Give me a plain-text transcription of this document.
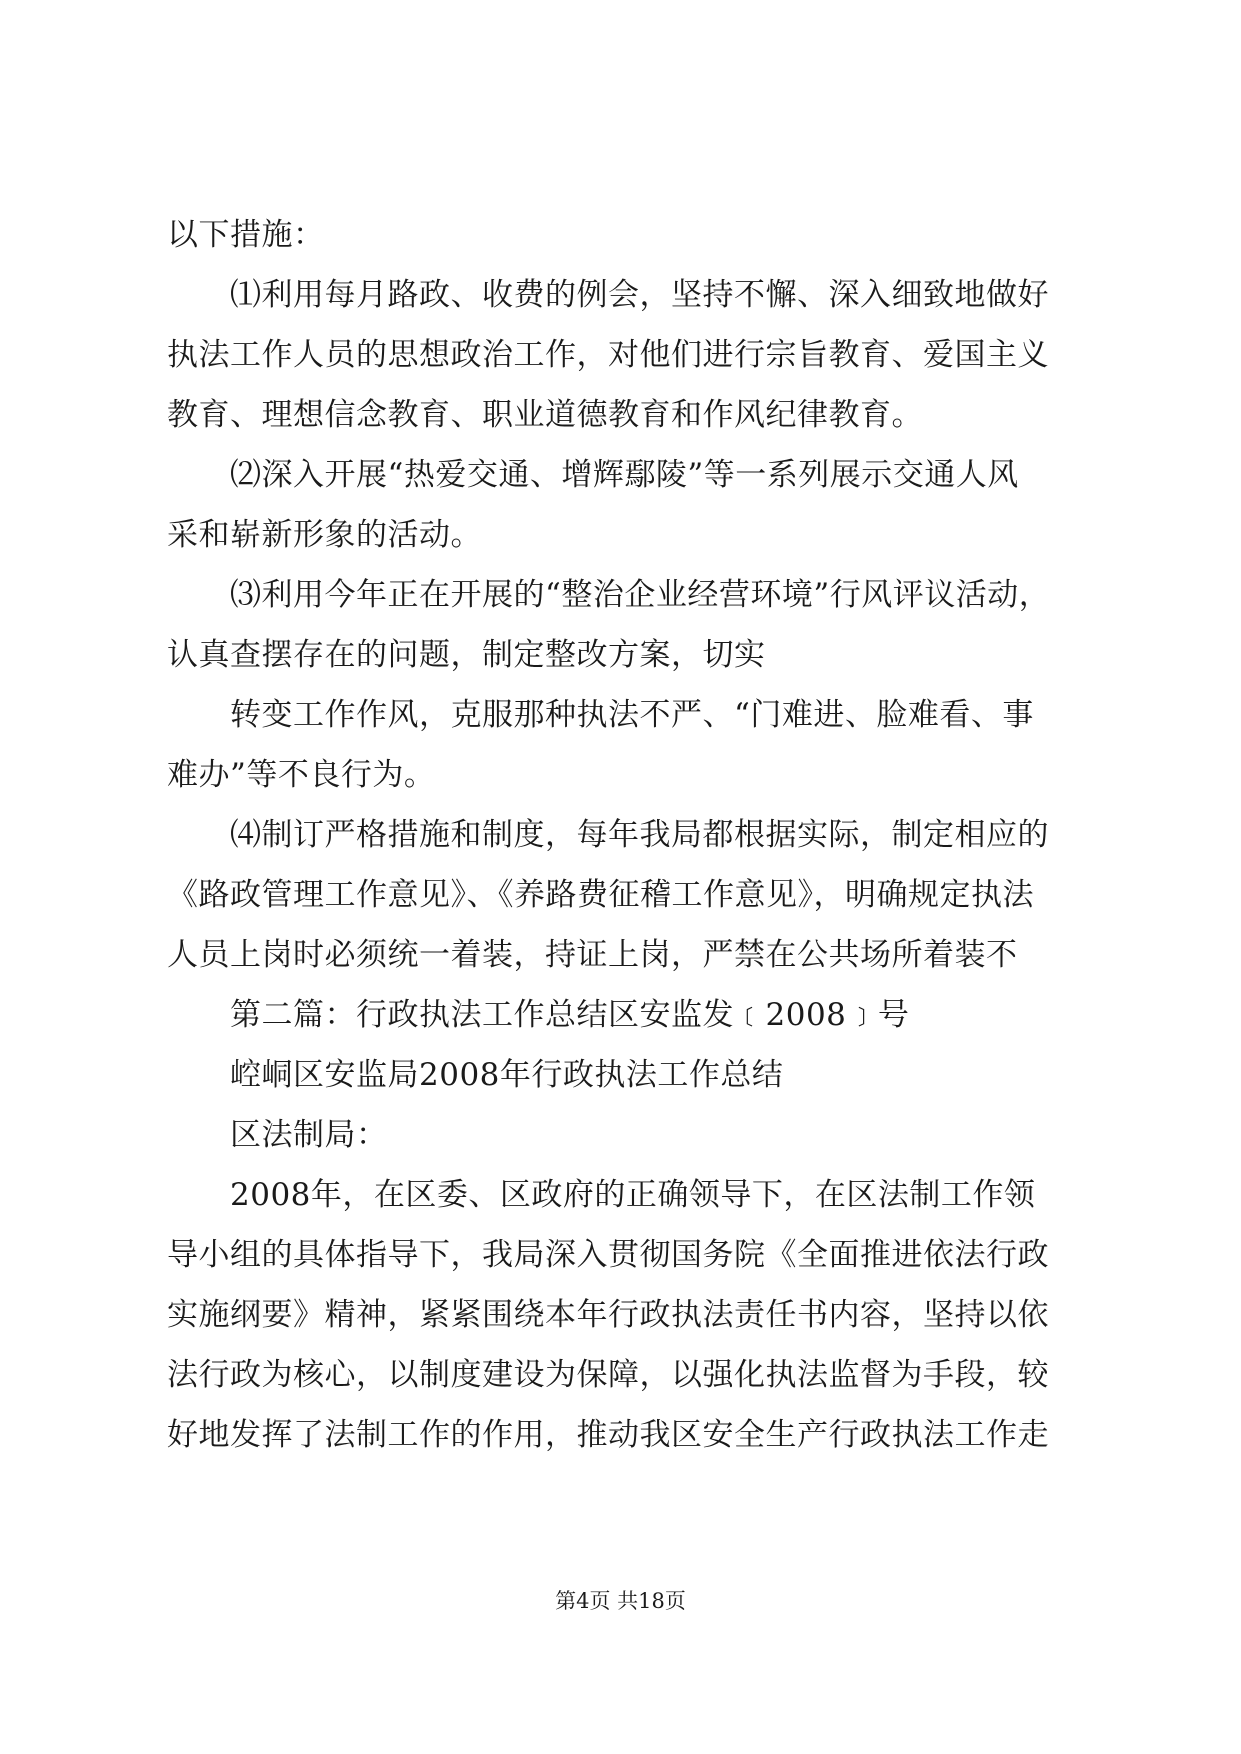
以下措施：
⑴利用每月路政、收费的例会，坚持不懈、深入细致地做好
执法工作人员的思想政治工作，对他们进行宗旨教育、爱国主义
教育、理想信念教育、职业道德教育和作风纪律教育。
⑵深入开展“热爱交通、增辉鄢陵”等一系列展示交通人风
采和崭新形象的活动。
⑶利用今年正在开展的“整治企业经营环境”行风评议活动，
认真查摆存在的问题，制定整改方案，切实
转变工作作风，克服那种执法不严、“门难进、脸难看、事
难办”等不良行为。
⑷制订严格措施和制度，每年我局都根据实际，制定相应的
《路政管理工作意见》、《养路费征稽工作意见》，明确规定执法
人员上岗时必须统一着装，持证上岗，严禁在公共场所着装不
第二篇：行政执法工作总结区安监发﹝2008﹞号
崆峒区安监局2008年行政执法工作总结
区法制局：
2008年，在区委、区政府的正确领导下，在区法制工作领
导小组的具体指导下，我局深入贯彻国务院《全面推进依法行政
实施纲要》精神，紧紧围绕本年行政执法责任书内容，坚持以依
法行政为核心，以制度建设为保障，以强化执法监督为手段，较
好地发挥了法制工作的作用，推动我区安全生产行政执法工作走
第4页 共18页
